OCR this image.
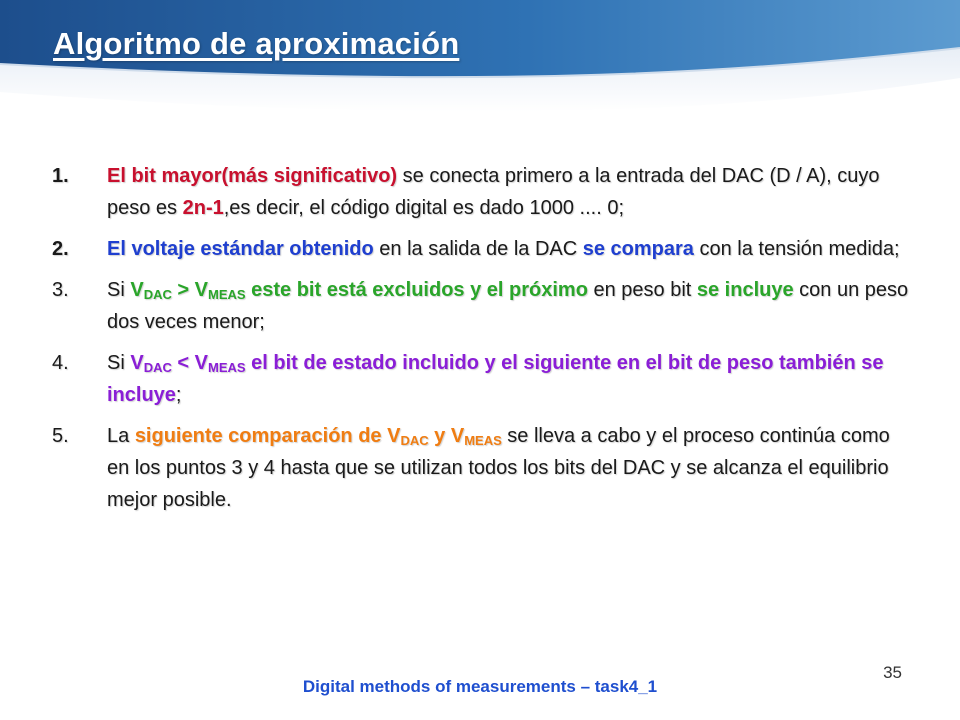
Algoritmo de aproximación
1.	El bit mayor(más significativo) se conecta primero a la entrada del DAC (D / A), cuyo peso es 2n-1,es decir, el código digital es dado 1000 .... 0;
2.	El voltaje estándar obtenido en la salida de la DAC se compara con la tensión medida;
3.	Si $V_{DAC} > V_{MEAS}$ este bit está excluidos y el próximo en peso bit se incluye con un peso dos veces menor;
4.	Si $V_{DAC} < V_{MEAS}$ el bit de estado incluido y el siguiente en el bit de peso también se incluye;
5.	La siguiente comparación de $V_{DAC}$ y $V_{MEAS}$ se lleva a cabo y el proceso continúa como en los puntos 3 y 4 hasta que se utilizan todos los bits del DAC y se alcanza el equilibrio mejor posible.
35
Digital methods of measurements – task4_1
